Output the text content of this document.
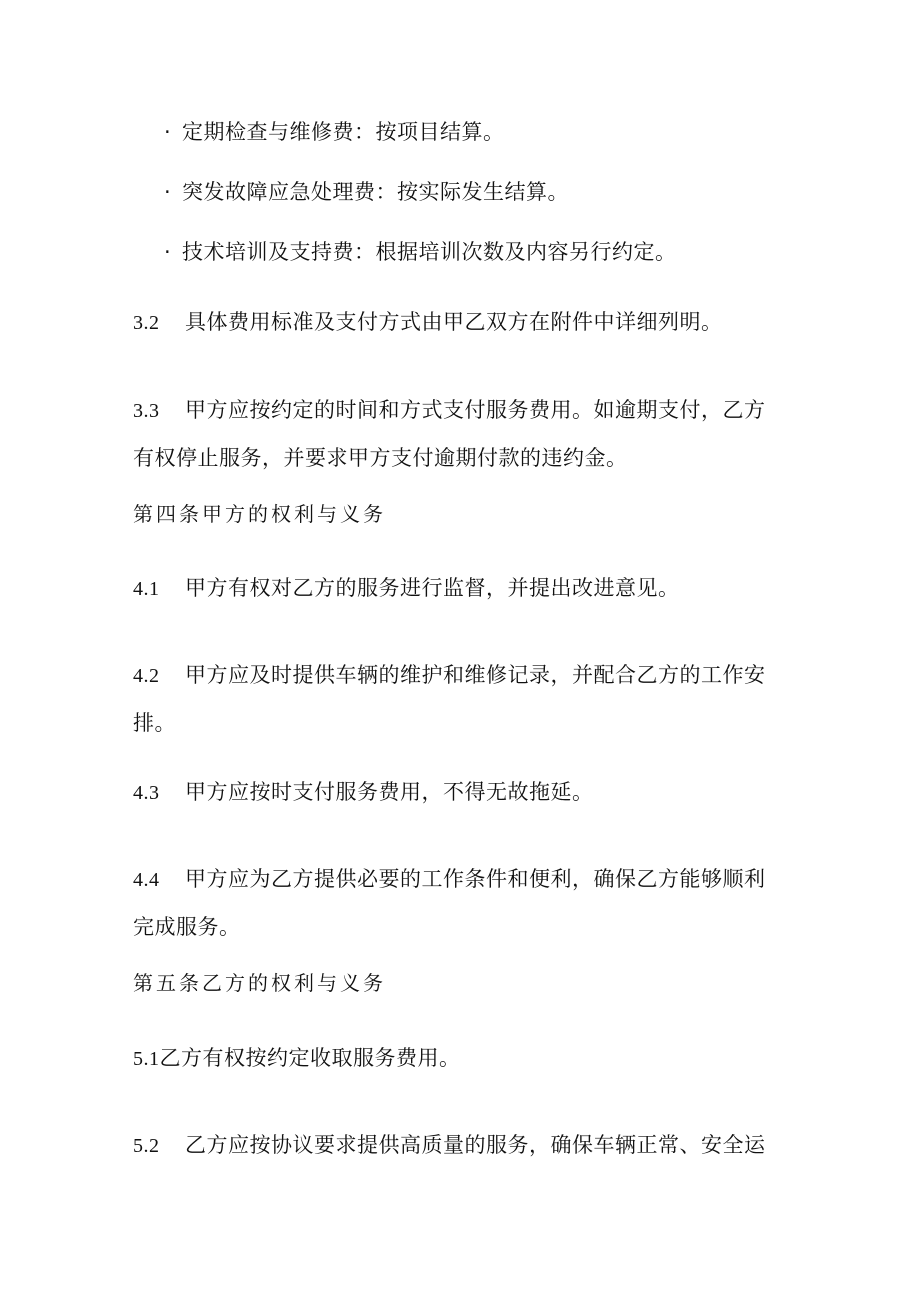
· 定期检查与维修费：按项目结算。
· 突发故障应急处理费：按实际发生结算。
· 技术培训及支持费：根据培训次数及内容另行约定。
3.2 具体费用标准及支付方式由甲乙双方在附件中详细列明。
3.3 甲方应按约定的时间和方式支付服务费用。如逾期支付，乙方
有权停止服务，并要求甲方支付逾期付款的违约金。
第四条甲方的权利与义务
4.1 甲方有权对乙方的服务进行监督，并提出改进意见。
4.2 甲方应及时提供车辆的维护和维修记录，并配合乙方的工作安
排。
4.3 甲方应按时支付服务费用，不得无故拖延。
4.4 甲方应为乙方提供必要的工作条件和便利，确保乙方能够顺利
完成服务。
第五条乙方的权利与义务
5.1乙方有权按约定收取服务费用。
5.2 乙方应按协议要求提供高质量的服务，确保车辆正常、安全运
